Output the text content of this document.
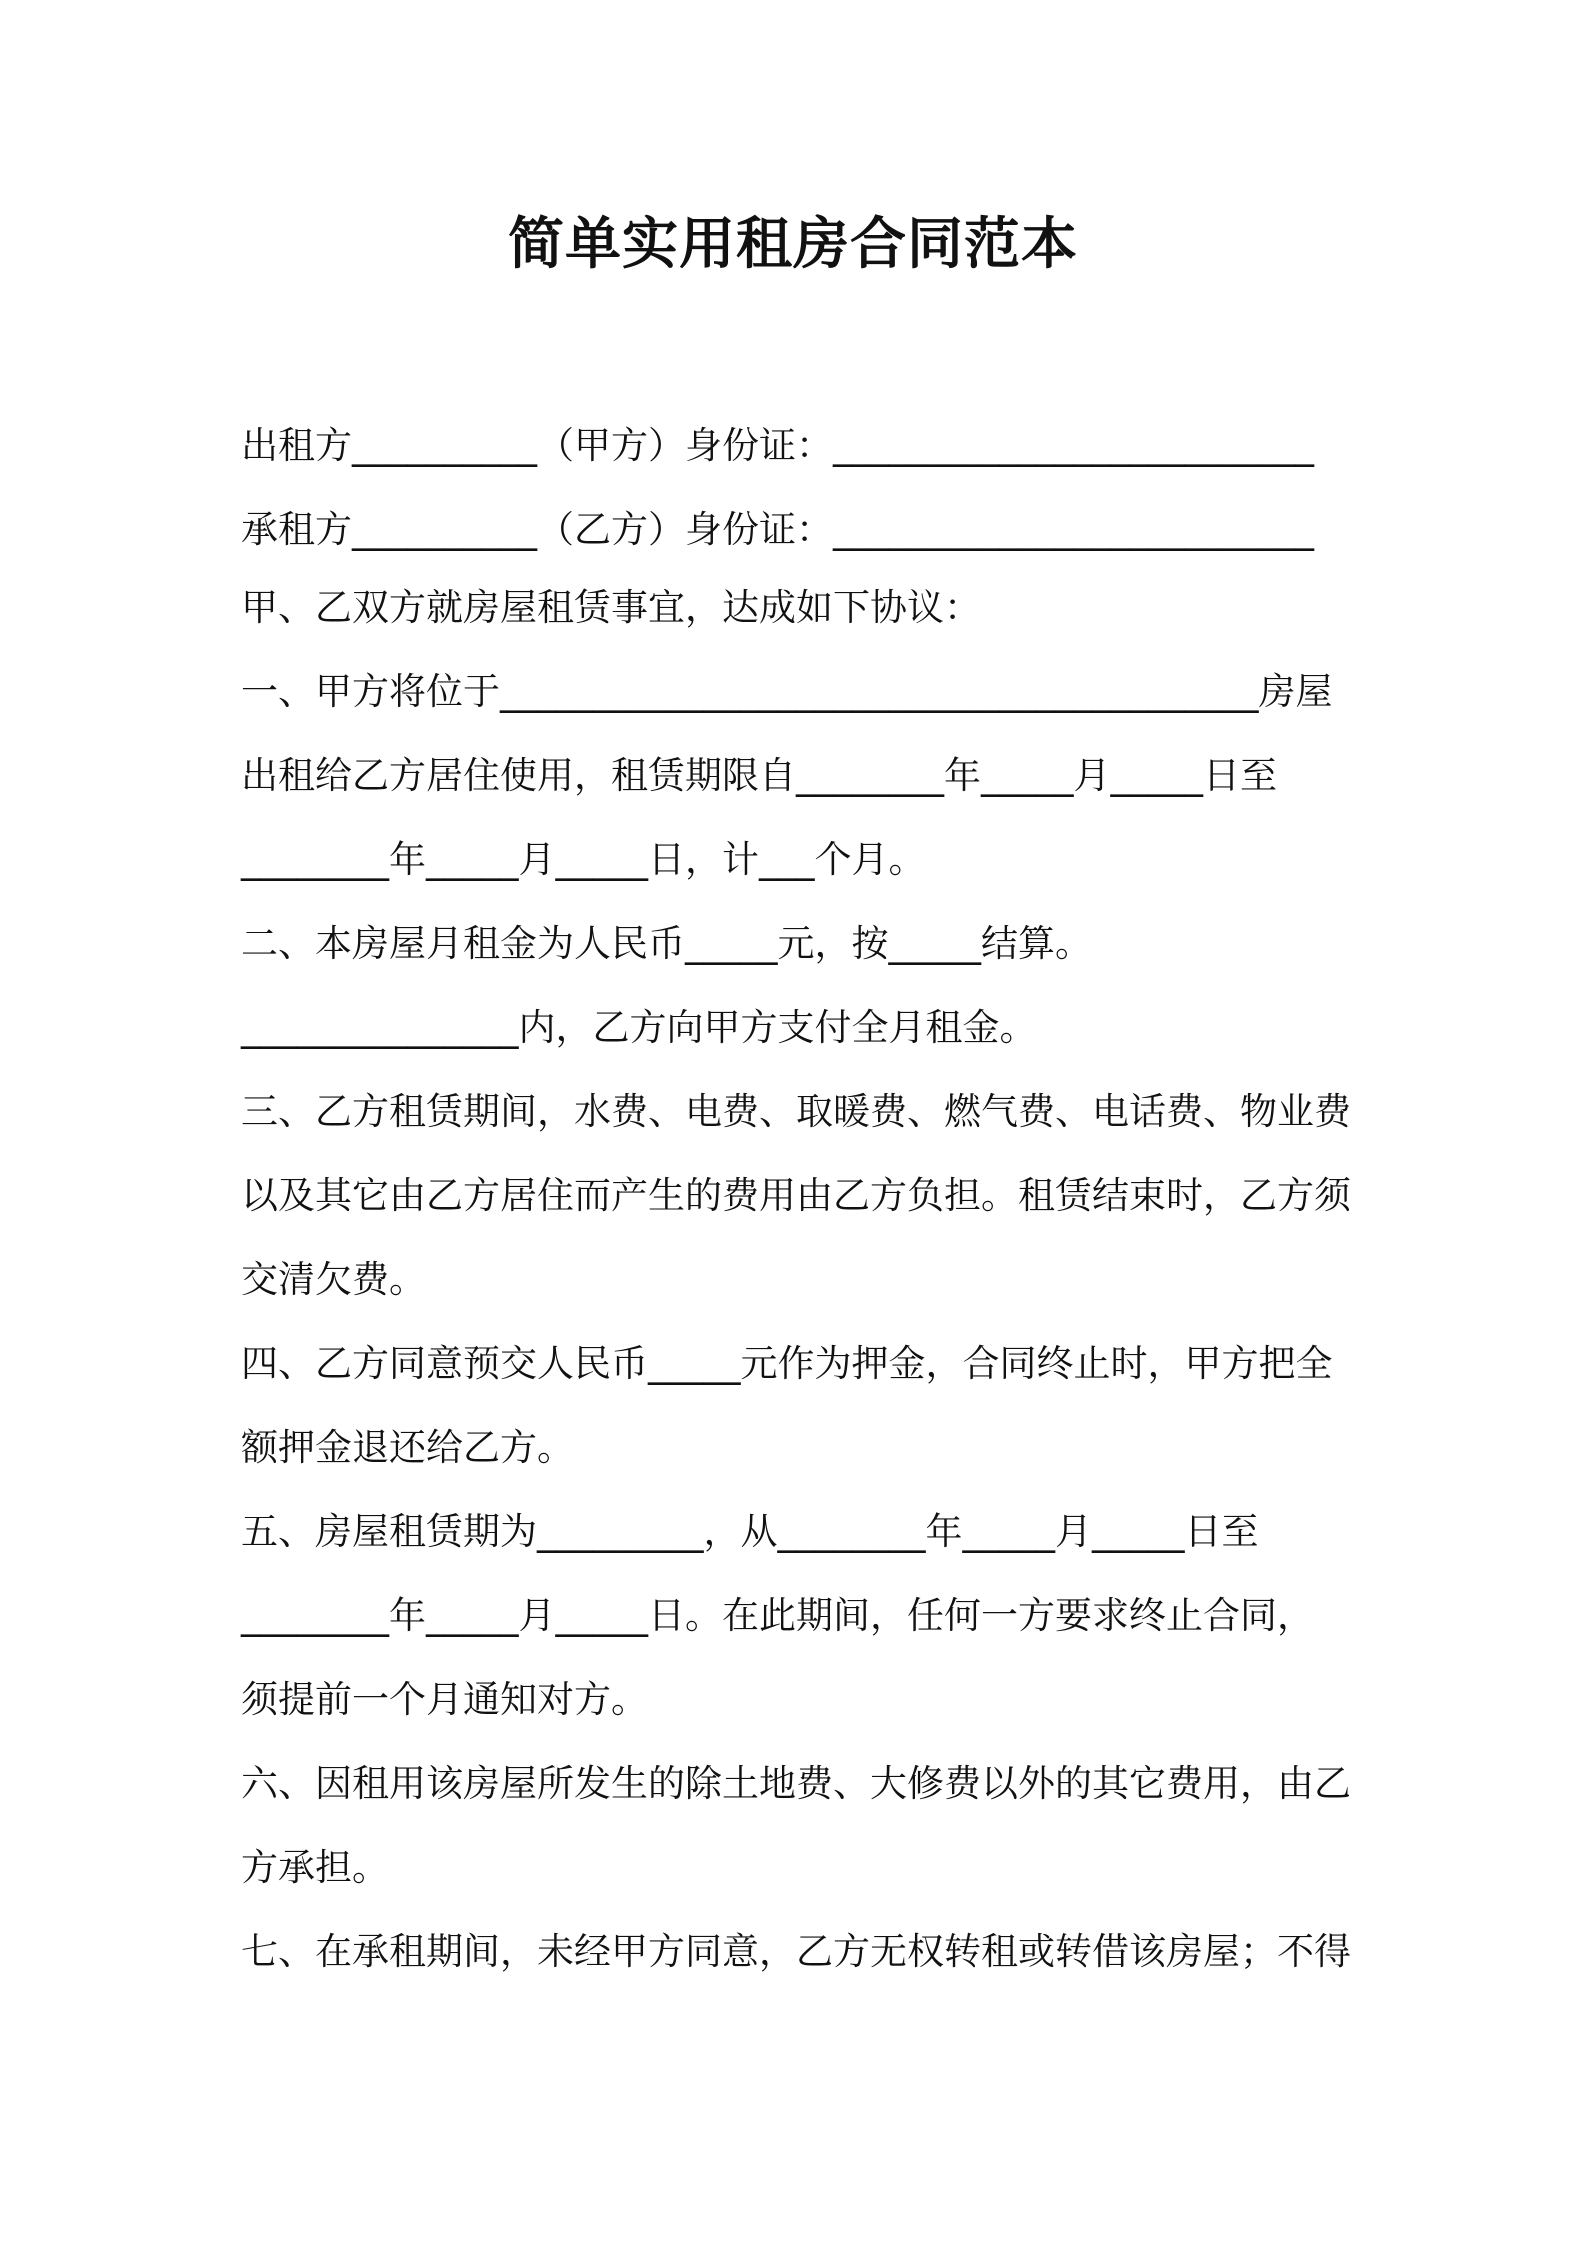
简单实用租房合同范本
出租方__________（甲方）身份证：__________________________
承租方__________（乙方）身份证：__________________________
甲、乙双方就房屋租赁事宜，达成如下协议：
一、甲方将位于_________________________________________房屋
出租给乙方居住使用，租赁期限自________年_____月_____日至
________年_____月_____日，计___个月。
二、本房屋月租金为人民币_____元，按_____结算。
_______________内，乙方向甲方支付全月租金。
三、乙方租赁期间，水费、电费、取暖费、燃气费、电话费、物业费
以及其它由乙方居住而产生的费用由乙方负担。租赁结束时，乙方须
交清欠费。
四、乙方同意预交人民币_____元作为押金，合同终止时，甲方把全
额押金退还给乙方。
五、房屋租赁期为_________，从________年_____月_____日至
________年_____月_____日。在此期间，任何一方要求终止合同，
须提前一个月通知对方。
六、因租用该房屋所发生的除土地费、大修费以外的其它费用，由乙
方承担。
七、在承租期间，未经甲方同意，乙方无权转租或转借该房屋；不得
